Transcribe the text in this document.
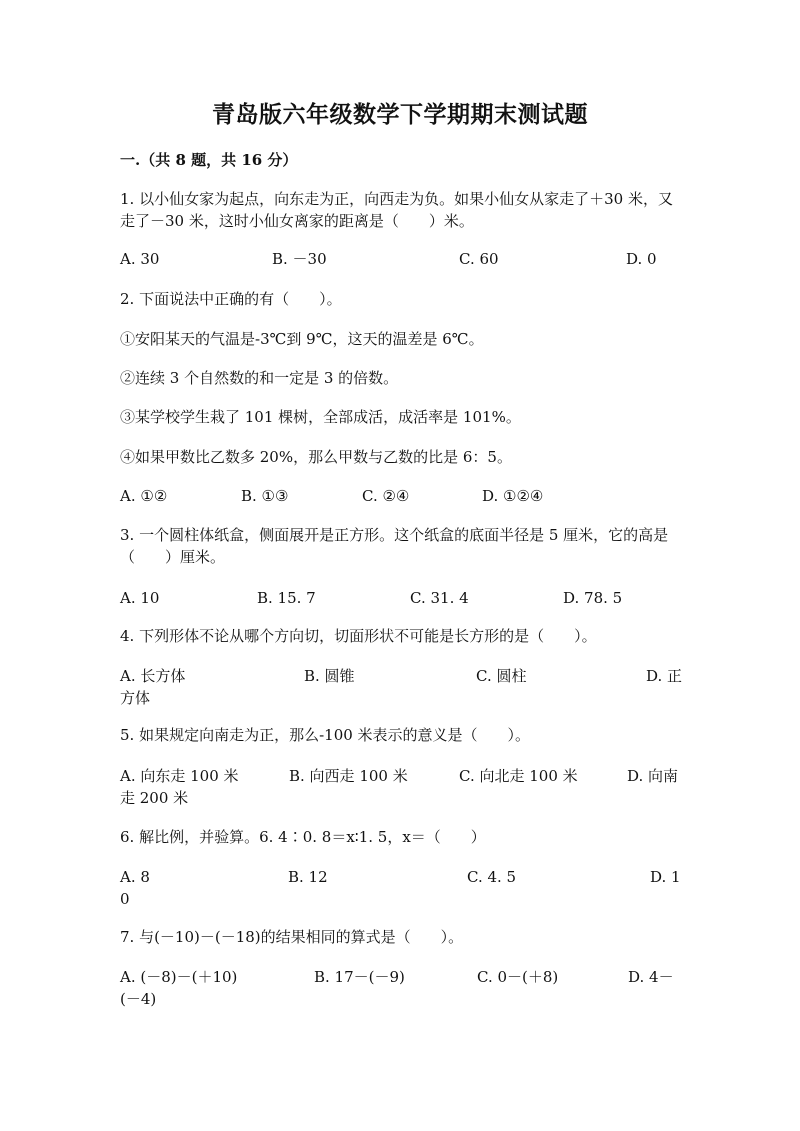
青岛版六年级数学下学期期末测试题
一.（共 8 题，共 16 分）
1. 以小仙女家为起点，向东走为正，向西走为负。如果小仙女从家走了＋30 米，又走了－30 米，这时小仙女离家的距离是（　　）米。
A. 30	B. －30	C. 60	D. 0
2. 下面说法中正确的有（　　）。
①安阳某天的气温是-3℃到 9℃，这天的温差是 6℃。
②连续 3 个自然数的和一定是 3 的倍数。
③某学校学生栽了 101 棵树，全部成活，成活率是 101%。
④如果甲数比乙数多 20%，那么甲数与乙数的比是 6：5。
A. ①②	B. ①③	C. ②④	D. ①②④
3. 一个圆柱体纸盒，侧面展开是正方形。这个纸盒的底面半径是 5 厘米，它的高是（　　）厘米。
A. 10	B. 15. 7	C. 31. 4	D. 78. 5
4. 下列形体不论从哪个方向切，切面形状不可能是长方形的是（　　）。
A. 长方体	B. 圆锥	C. 圆柱	D. 正
方体
5. 如果规定向南走为正，那么-100 米表示的意义是（　　）。
A. 向东走 100 米	B. 向西走 100 米	C. 向北走 100 米	D. 向南
走 200 米
6. 解比例，并验算。6. 4∶0. 8＝x∶1. 5，x＝（　　）
A. 8	B. 12	C. 4. 5	D. 1
0
7. 与(－10)－(－18)的结果相同的算式是（　　）。
A. (－8)－(＋10)	B. 17－(－9)	C. 0－(＋8)	D. 4－
(－4)
